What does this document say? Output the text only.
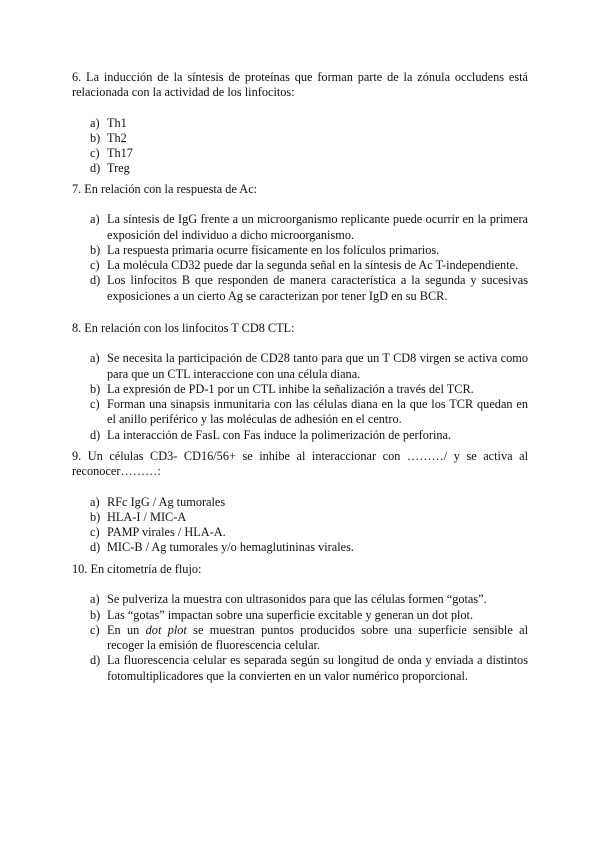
6. La inducción de la síntesis de proteínas que forman parte de la zónula occludens está relacionada con la actividad de los linfocitos:

a) Th1
b) Th2
c) Th17
d) Treg

7. En relación con la respuesta de Ac:

a) La síntesis de IgG frente a un microorganismo replicante puede ocurrir en la primera exposición del individuo a dicho microorganismo.
b) La respuesta primaria ocurre físicamente en los folículos primarios.
c) La molécula CD32 puede dar la segunda señal en la síntesis de Ac T-independiente.
d) Los linfocitos B que responden de manera característica a la segunda y sucesivas exposiciones a un cierto Ag se caracterizan por tener IgD en su BCR.

8. En relación con los linfocitos T CD8 CTL:

a) Se necesita la participación de CD28 tanto para que un T CD8 virgen se activa como para que un CTL interaccione con una célula diana.
b) La expresión de PD-1 por un CTL inhibe la señalización a través del TCR.
c) Forman una sinapsis inmunitaria con las células diana en la que los TCR quedan en el anillo periférico y las moléculas de adhesión en el centro.
d) La interacción de FasL con Fas induce la polimerización de perforina.

9. Un células CD3- CD16/56+ se inhibe al interaccionar con ………/ y se activa al reconocer………:

a) RFc IgG / Ag tumorales
b) HLA-I / MIC-A
c) PAMP virales / HLA-A.
d) MIC-B / Ag tumorales y/o hemaglutininas virales.

10. En citometría de flujo:

a) Se pulveriza la muestra con ultrasonidos para que las células formen “gotas”.
b) Las “gotas” impactan sobre una superficie excitable y generan un dot plot.
c) En un dot plot se muestran puntos producidos sobre una superficie sensible al recoger la emisión de fluorescencia celular.
d) La fluorescencia celular es separada según su longitud de onda y enviada a distintos fotomultiplicadores que la convierten en un valor numérico proporcional.
